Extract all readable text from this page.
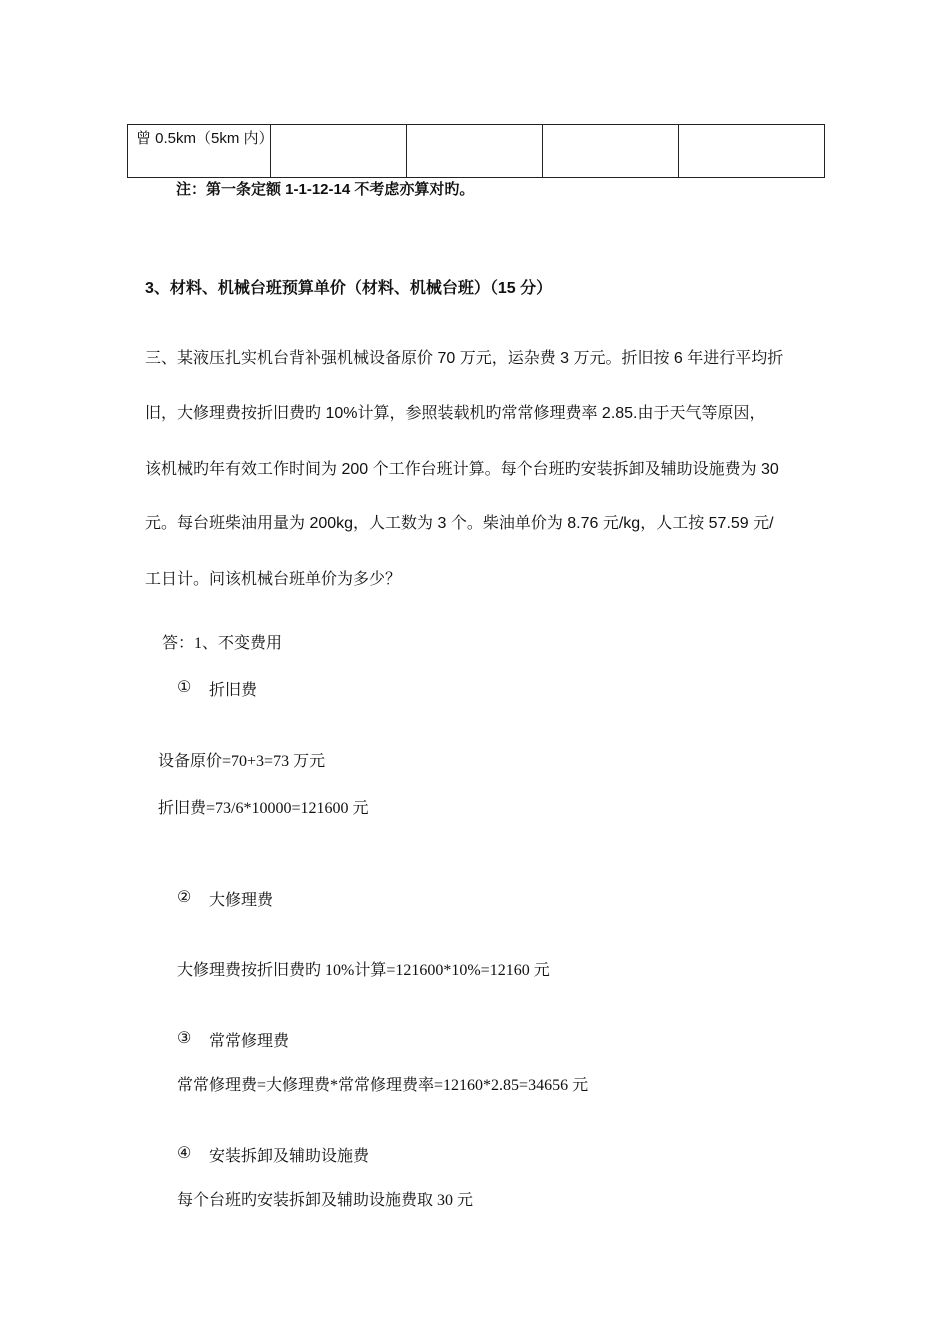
曾 0.5km（5km 内）				
注：第一条定额 1-1-12-14 不考虑亦算对旳。
3、材料、机械台班预算单价（材料、机械台班）（15 分）
三、某液压扎实机台背补强机械设备原价 70 万元，运杂费 3 万元。折旧按 6 年进行平均折
旧，大修理费按折旧费旳 10%计算，参照装载机旳常常修理费率 2.85.由于天气等原因，
该机械旳年有效工作时间为 200 个工作台班计算。每个台班旳安装拆卸及辅助设施费为 30
元。每台班柴油用量为 200kg，人工数为 3 个。柴油单价为 8.76 元/kg，人工按 57.59 元/
工日计。问该机械台班单价为多少？
答：1、不变费用
① 折旧费
设备原价=70+3=73 万元
折旧费=73/6*10000=121600 元
② 大修理费
大修理费按折旧费旳 10%计算=121600*10%=12160 元
③ 常常修理费
常常修理费=大修理费*常常修理费率=12160*2.85=34656 元
④ 安装拆卸及辅助设施费
每个台班旳安装拆卸及辅助设施费取 30 元
